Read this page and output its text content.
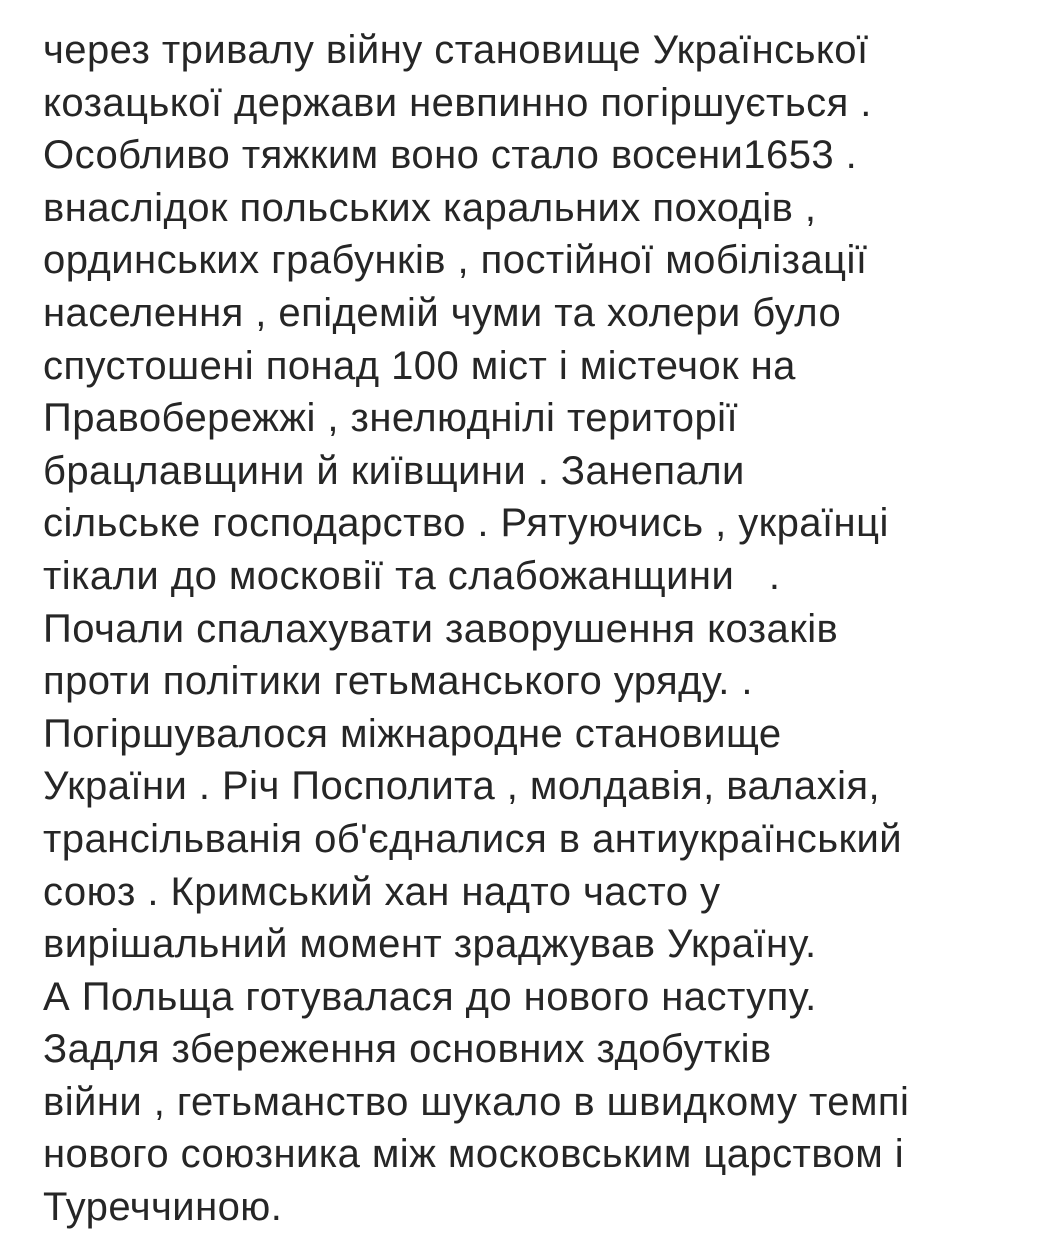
через тривалу війну становище Української
козацької держави невпинно погіршується .
Особливо тяжким воно стало восени1653 .
внаслідок польських каральних походів ,
ординських грабунків , постійної мобілізації
населення , епідемій чуми та холери було
спустошені понад 100 міст і містечок на
Правобережжі , знелюднілі території
брацлавщини й київщини . Занепали
сільське господарство . Рятуючись , українці
тікали до московії та слабожанщини   .
Почали спалахувати заворушення козаків
проти політики гетьманського уряду. .
Погіршувалося міжнародне становище
України . Річ Посполита , молдавія, валахія,
трансільванія об'єдналися в антиукраїнський
союз . Кримський хан надто часто у
вирішальний момент зраджував Україну.
А Польща готувалася до нового наступу.
Задля збереження основних здобутків
війни , гетьманство шукало в швидкому темпі
нового союзника між московським царством і
Туреччиною.
